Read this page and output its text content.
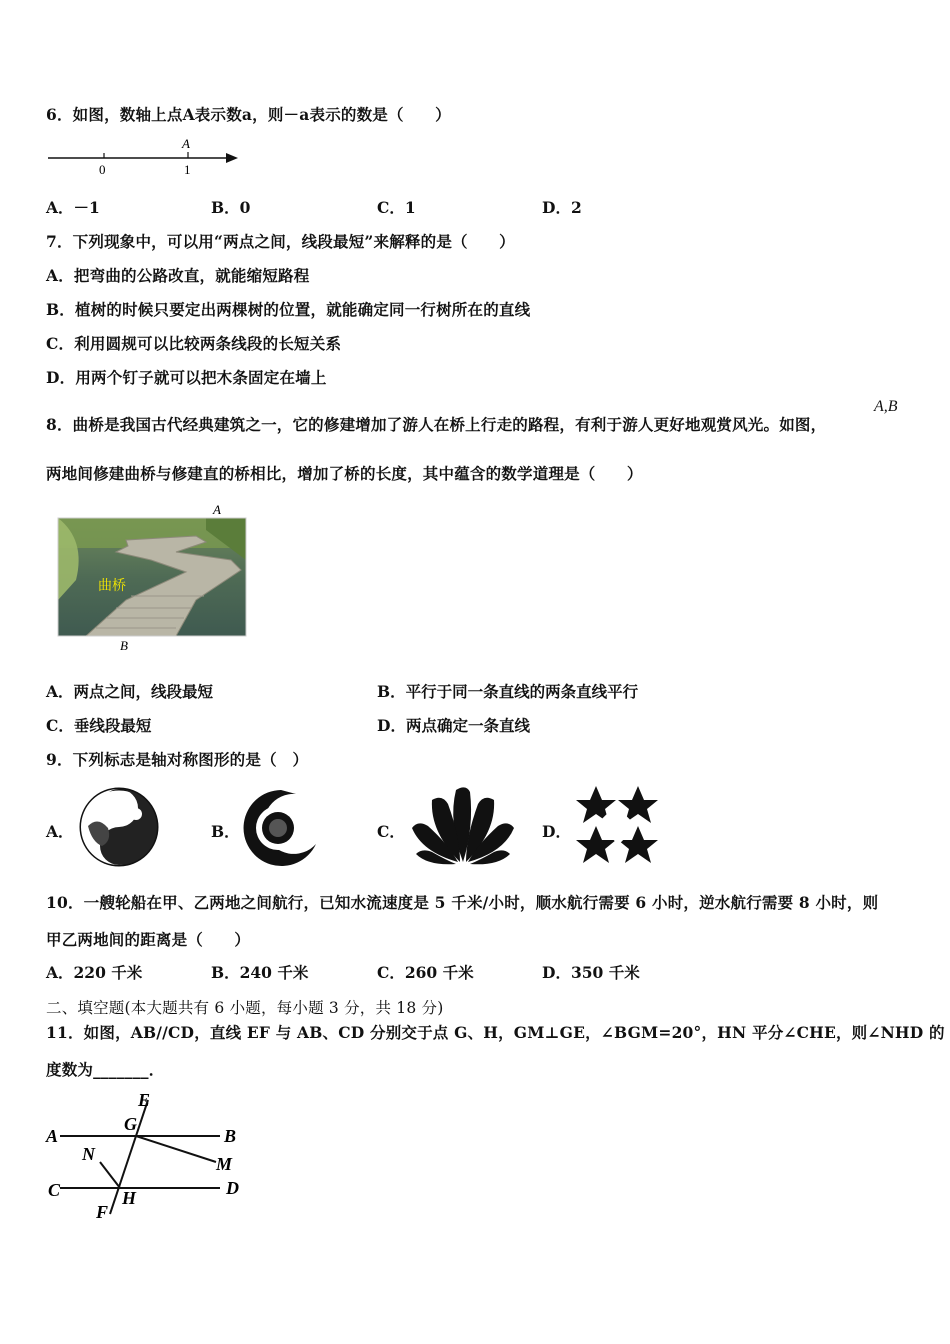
6．如图，数轴上点A表示数a，则－a表示的数是（　　）
A
0	1
A．－1	B．0	C．1	D．2
7．下列现象中，可以用“两点之间，线段最短”来解释的是（　　）
A．把弯曲的公路改直，就能缩短路程
B．植树的时候只要定出两棵树的位置，就能确定同一行树所在的直线
C．利用圆规可以比较两条线段的长短关系
D．用两个钉子就可以把木条固定在墙上
8．曲桥是我国古代经典建筑之一，它的修建增加了游人在桥上行走的路程，有利于游人更好地观赏风光。如图，
A,B
两地间修建曲桥与修建直的桥相比，增加了桥的长度，其中蕴含的数学道理是（　　）
A
B
曲桥
A．两点之间，线段最短	B．平行于同一条直线的两条直线平行
C．垂线段最短	D．两点确定一条直线
9．下列标志是轴对称图形的是（　）
A．	B．	C．	D．
10．一艘轮船在甲、乙两地之间航行，已知水流速度是 5 千米/小时，顺水航行需要 6 小时，逆水航行需要 8 小时，则
甲乙两地间的距离是（　　）
A．220 千米	B．240 千米	C．260 千米	D．350 千米
二、填空题(本大题共有 6 小题，每小题 3 分，共 18 分)
11．如图，AB//CD，直线 EF 与 AB、CD 分别交于点 G、H，GM⊥GE，∠BGM=20°，HN 平分∠CHE，则∠NHD 的
度数为_______．
A	B
C	D
E
F
G
H
M
N
